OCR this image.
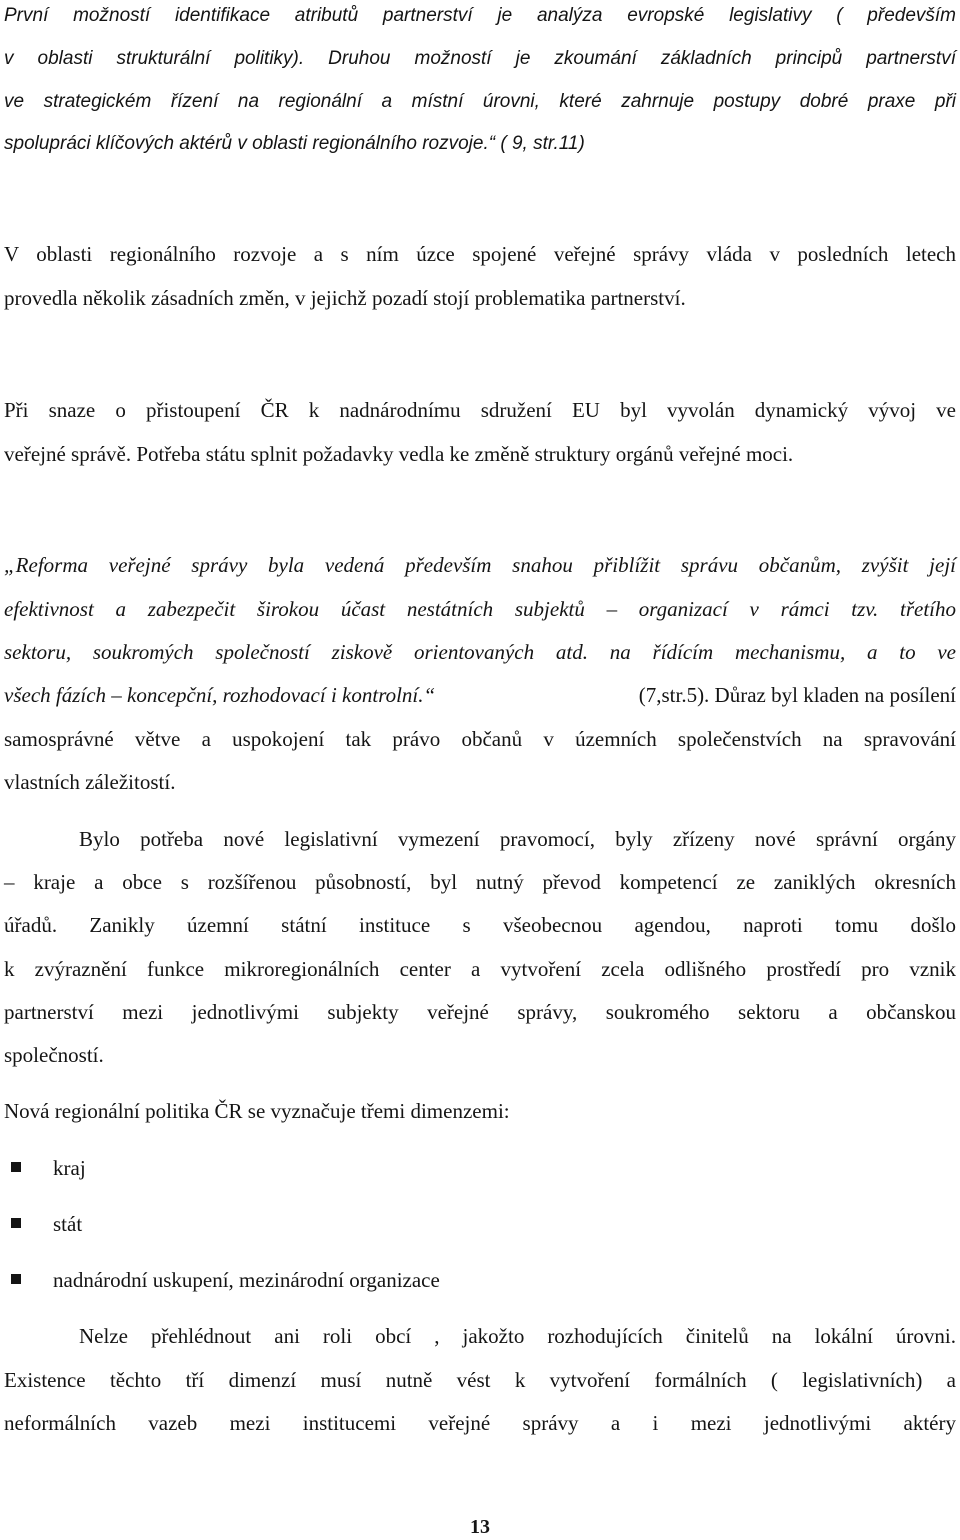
První možností identifikace atributů partnerství je analýza evropské legislativy ( především
v oblasti strukturální politiky). Druhou možností je zkoumání základních principů partnerství
ve strategickém řízení na regionální a místní úrovni, které zahrnuje postupy dobré praxe při
spolupráci klíčových aktérů v oblasti regionálního rozvoje.“ ( 9, str.11)
V oblasti regionálního rozvoje a s ním úzce spojené veřejné správy vláda v posledních letech
provedla několik zásadních změn, v jejichž pozadí stojí problematika partnerství.
Při snaze o přistoupení ČR k nadnárodnímu sdružení EU byl vyvolán dynamický vývoj ve
veřejné správě. Potřeba státu splnit požadavky vedla ke změně struktury orgánů veřejné moci.
„Reforma veřejné správy byla vedená především snahou přiblížit správu občanům, zvýšit její
efektivnost a zabezpečit širokou účast nestátních subjektů – organizací v rámci tzv. třetího
sektoru, soukromých společností ziskově orientovaných atd. na řídícím mechanismu, a to ve
všech fázích – koncepční, rozhodovací i kontrolní.“	(7,str.5). Důraz byl kladen na posílení
samosprávné větve a uspokojení tak právo občanů v územních společenstvích na spravování
vlastních záležitostí.
Bylo potřeba nové legislativní vymezení pravomocí, byly zřízeny nové správní orgány
– kraje a obce s rozšířenou působností, byl nutný převod kompetencí ze zaniklých okresních
úřadů. Zanikly územní státní instituce s všeobecnou agendou, naproti tomu došlo
k zvýraznění funkce mikroregionálních center a vytvoření zcela odlišného prostředí pro vznik
partnerství mezi jednotlivými subjekty veřejné správy, soukromého sektoru a občanskou
společností.
Nová regionální politika ČR se vyznačuje třemi dimenzemi:
kraj
stát
nadnárodní uskupení, mezinárodní organizace
Nelze přehlédnout ani roli obcí , jakožto rozhodujících činitelů na lokální úrovni.
Existence těchto tří dimenzí musí nutně vést k vytvoření formálních ( legislativních) a
neformálních vazeb mezi institucemi veřejné správy a i mezi jednotlivými aktéry
13
